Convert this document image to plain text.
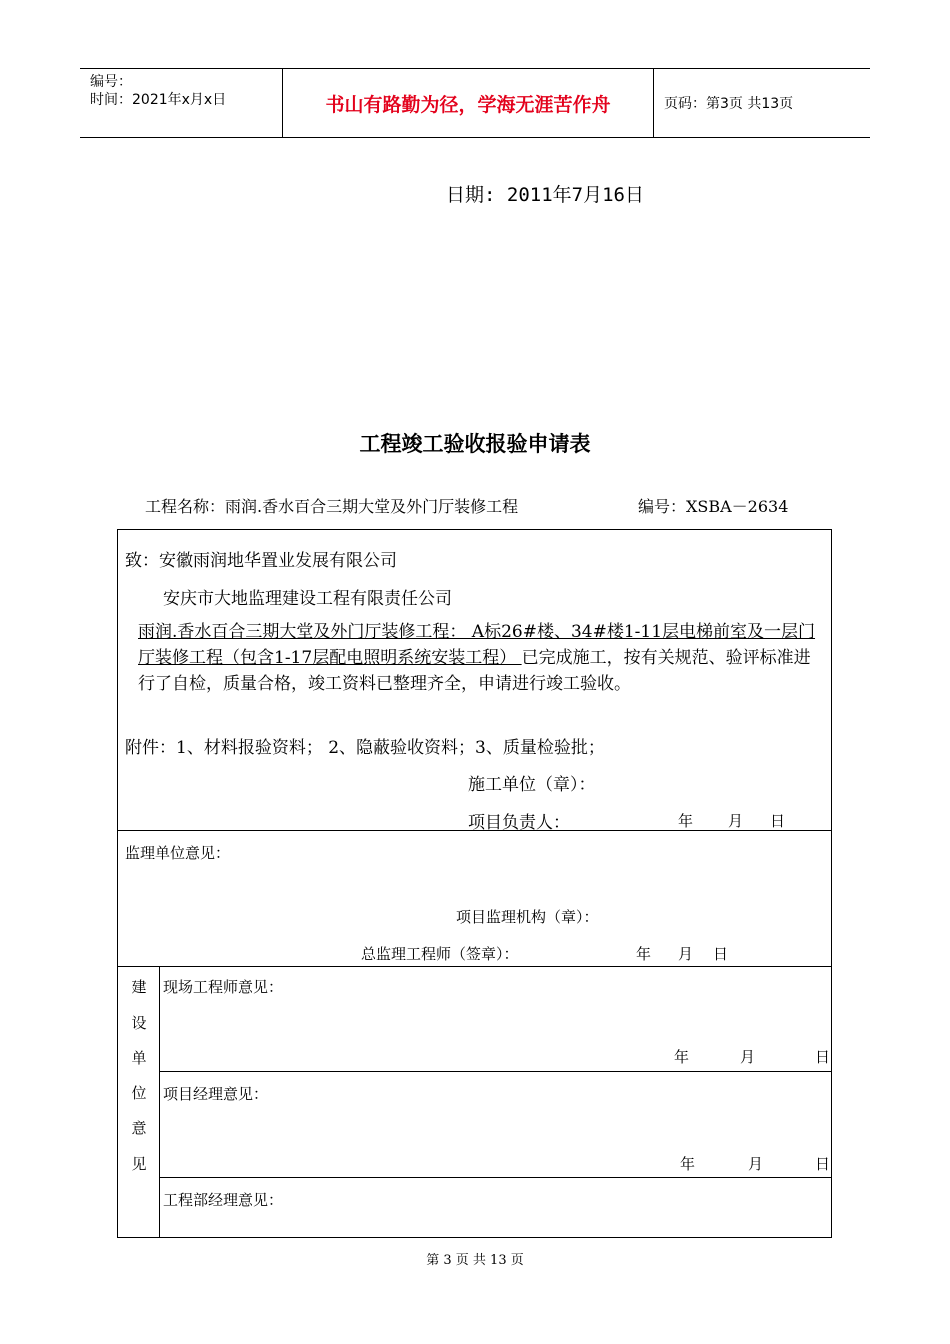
编号：
时间：2021年x月x日	书山有路勤为径，学海无涯苦作舟	页码：第3页 共13页
日期: 2011年7月16日
工程竣工验收报验申请表
工程名称：雨润.香水百合三期大堂及外门厅装修工程	编号：XSBA－2634
致：安徽雨润地华置业发展有限公司
安庆市大地监理建设工程有限责任公司
雨润.香水百合三期大堂及外门厅装修工程： A标26#楼、34#楼1-11层电梯前室及一层门厅装修工程（包含1-17层配电照明系统安装工程） 已完成施工，按有关规范、验评标准进行了自检，质量合格，竣工资料已整理齐全，申请进行竣工验收。
附件：1、材料报验资料； 2、隐蔽验收资料；3、质量检验批；
施工单位（章）：
项目负责人：	年 月 日
监理单位意见：
项目监理机构（章）：
总监理工程师（签章）：	年 月 日
建
设
单
位
意
见
现场工程师意见：
年	月	日
项目经理意见：
年	月	日
工程部经理意见：
第 3 页 共 13 页
